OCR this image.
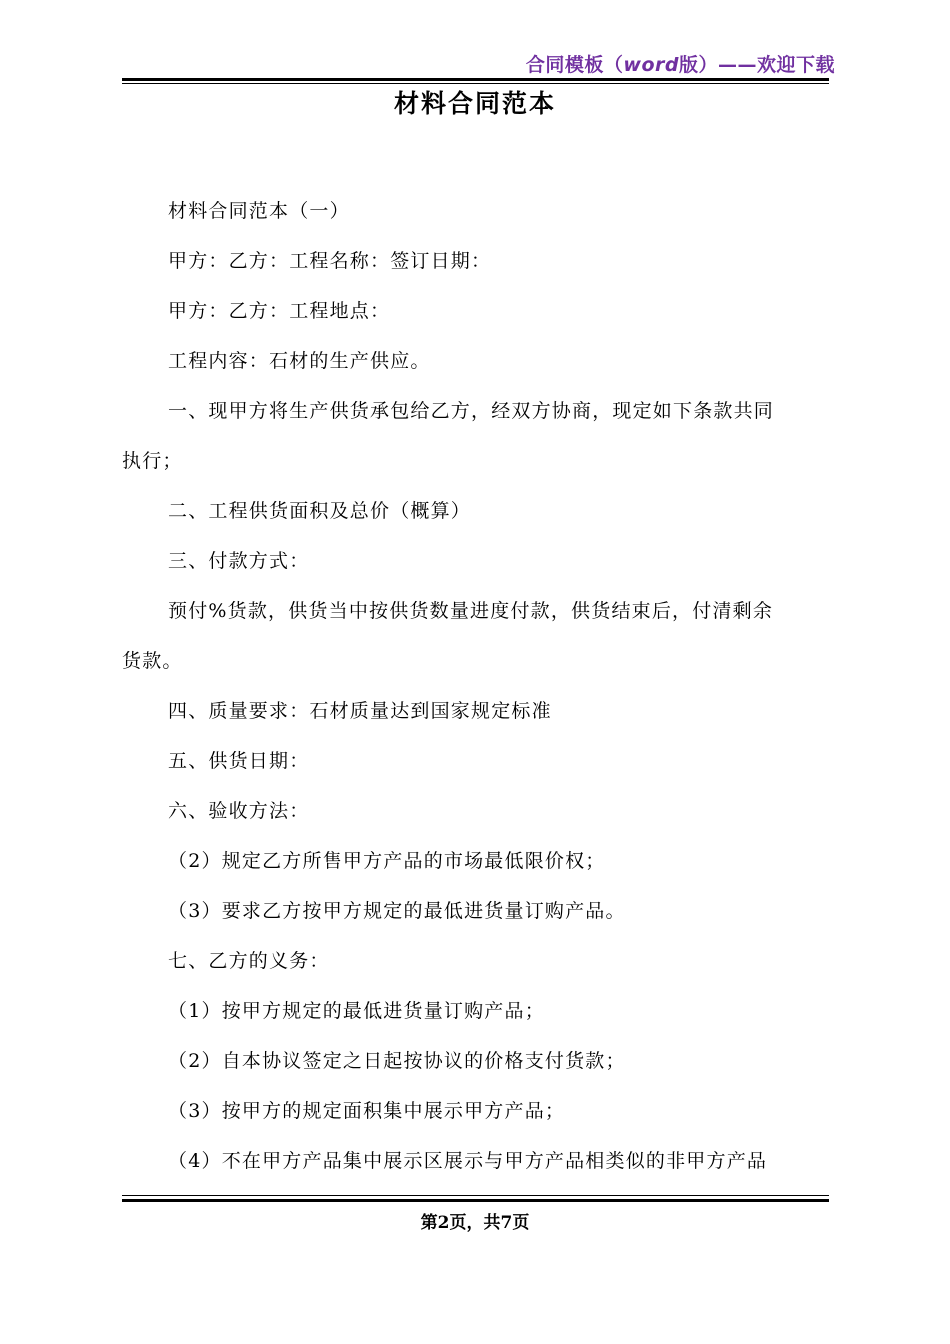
合同模板（word版）——欢迎下载
材料合同范本
材料合同范本（一）
甲方：乙方：工程名称：签订日期：
甲方：乙方：工程地点：
工程内容：石材的生产供应。
一、现甲方将生产供货承包给乙方，经双方协商，现定如下条款共同
执行；
二、工程供货面积及总价（概算）
三、付款方式：
预付%货款，供货当中按供货数量进度付款，供货结束后，付清剩余
货款。
四、质量要求：石材质量达到国家规定标准
五、供货日期：
六、验收方法：
（2）规定乙方所售甲方产品的市场最低限价权；
（3）要求乙方按甲方规定的最低进货量订购产品。
七、乙方的义务：
（1）按甲方规定的最低进货量订购产品；
（2）自本协议签定之日起按协议的价格支付货款；
（3）按甲方的规定面积集中展示甲方产品；
（4）不在甲方产品集中展示区展示与甲方产品相类似的非甲方产品
第2页，共7页
